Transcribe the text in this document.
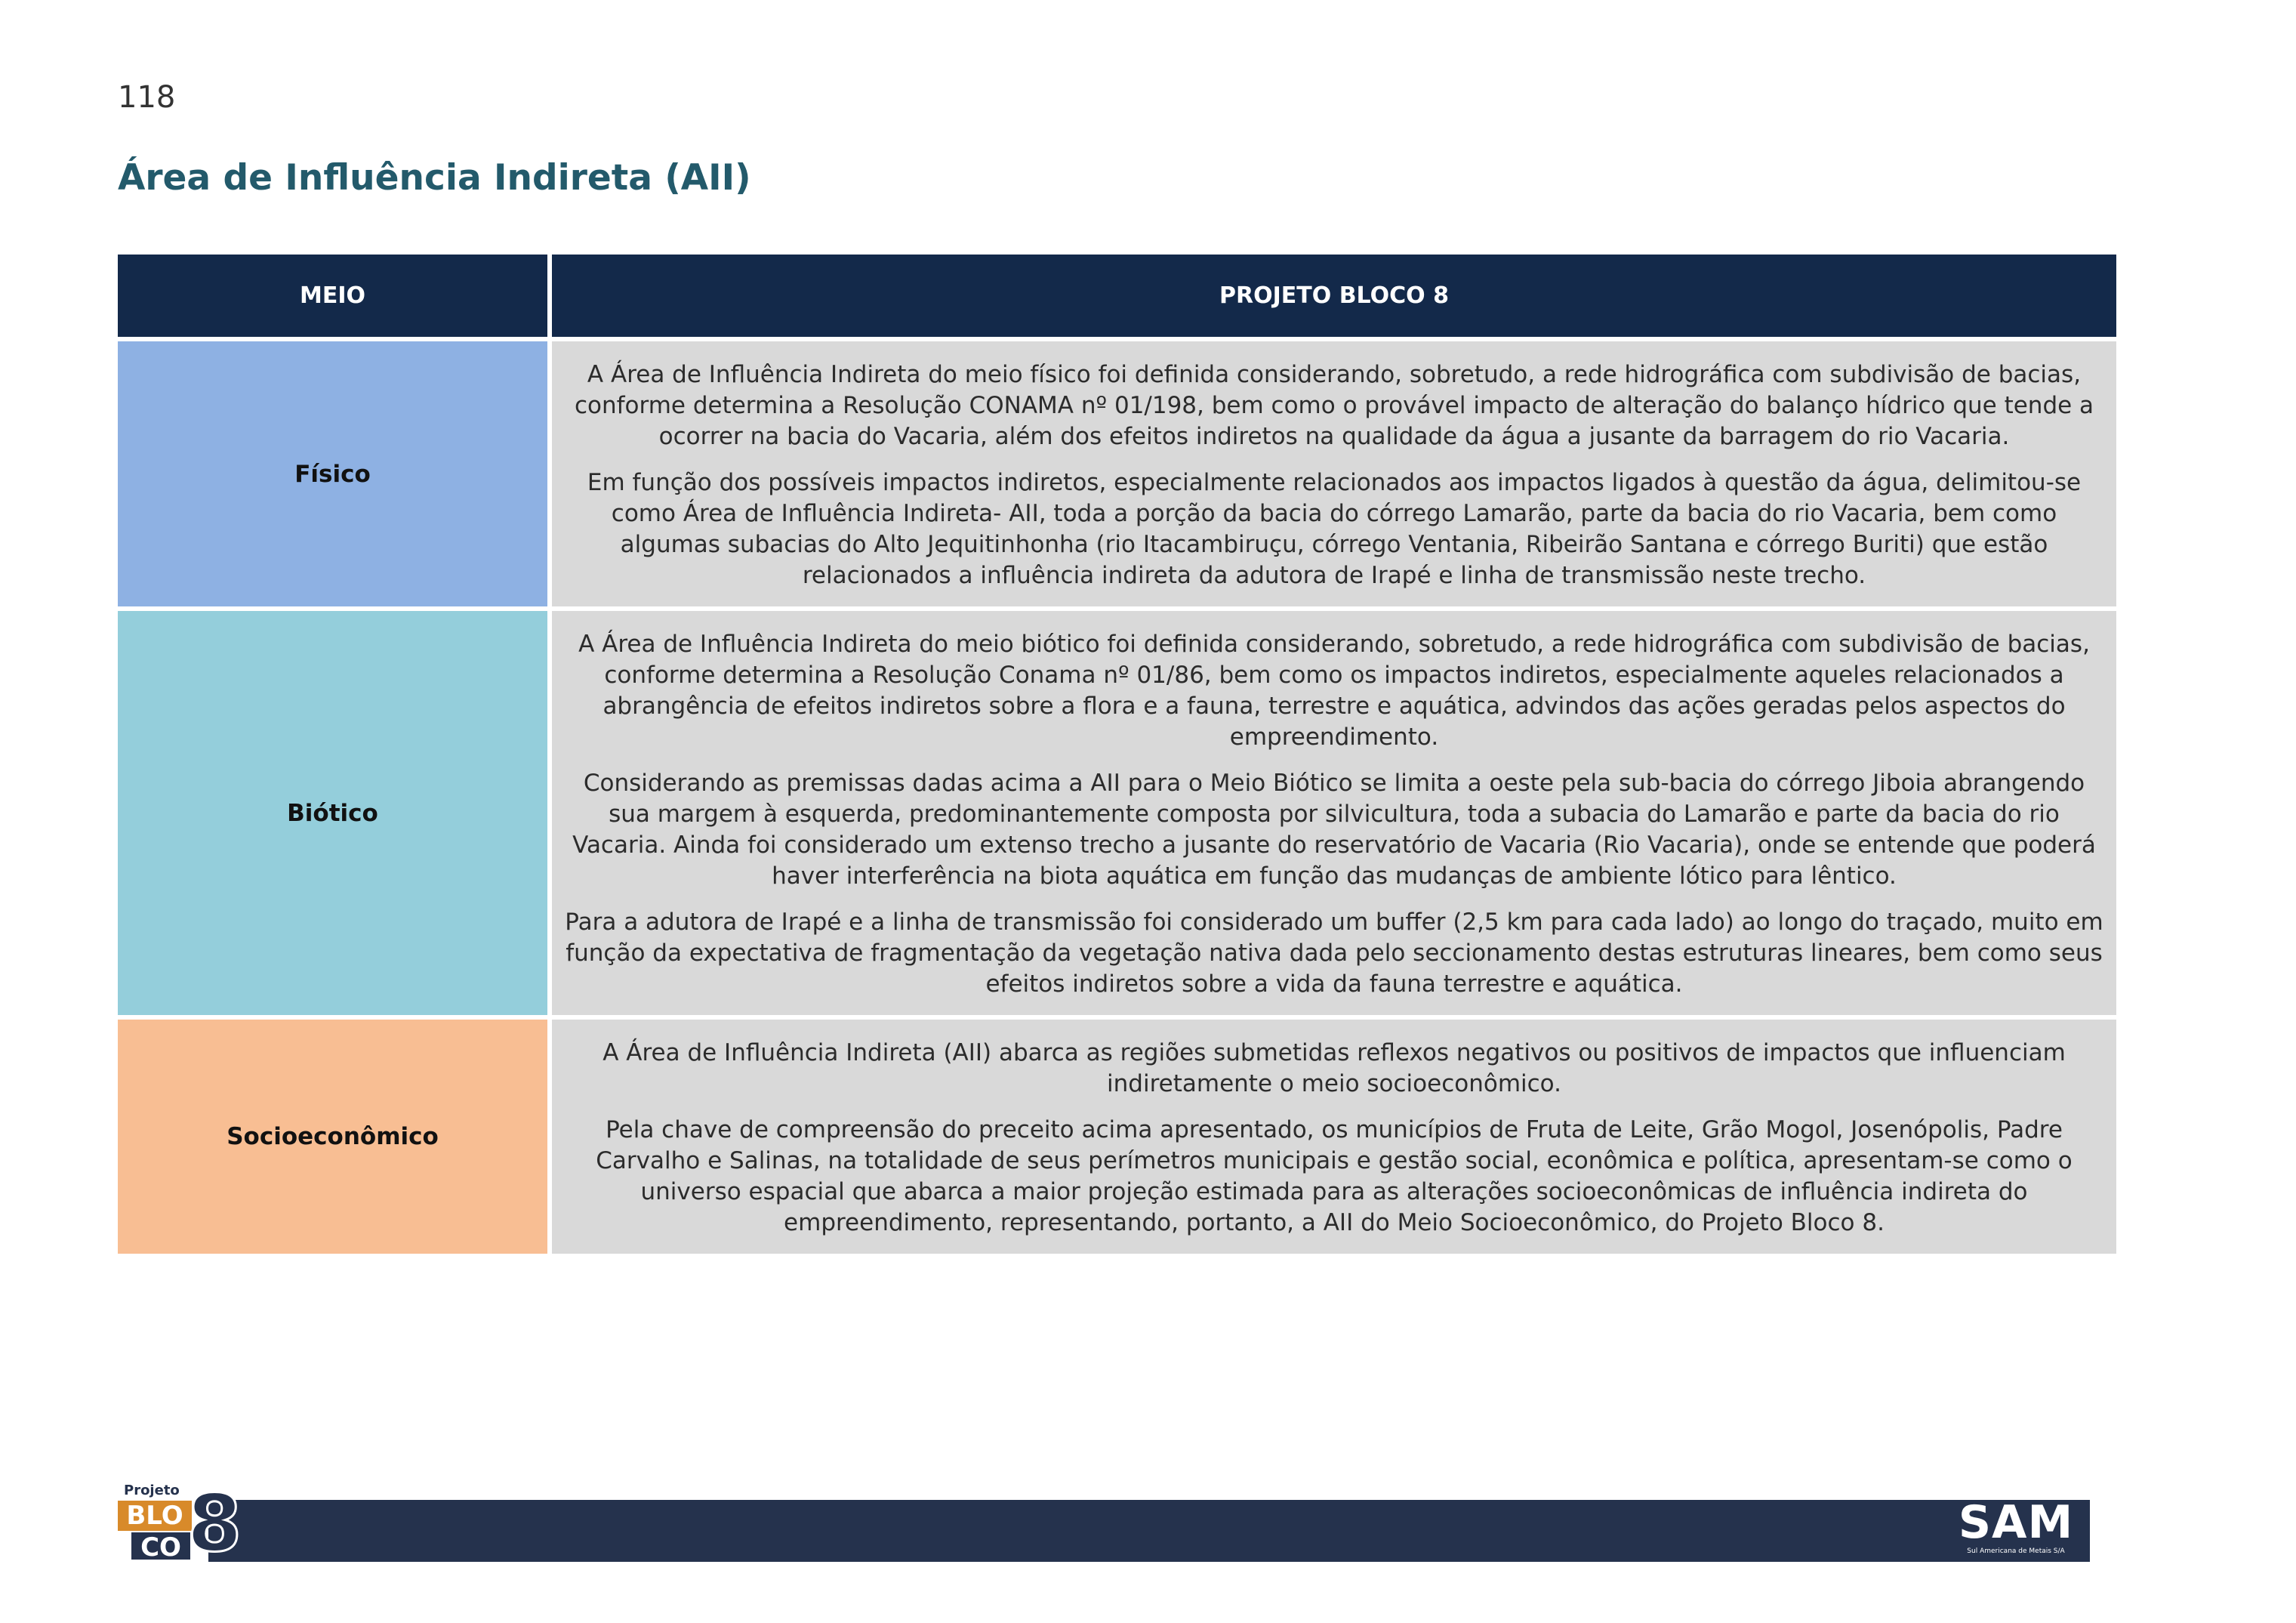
118
Área de Influência Indireta (AII)
MEIO	PROJETO BLOCO 8
Físico

A Área de Influência Indireta do meio físico foi definida considerando, sobretudo, a rede hidrográfica com subdivisão de bacias, conforme determina a Resolução CONAMA nº 01/198, bem como o provável impacto de alteração do balanço hídrico que tende a ocorrer na bacia do Vacaria, além dos efeitos indiretos na qualidade da água a jusante da barragem do rio Vacaria.

Em função dos possíveis impactos indiretos, especialmente relacionados aos impactos ligados à questão da água, delimitou-se como Área de Influência Indireta- AII, toda a porção da bacia do córrego Lamarão, parte da bacia do rio Vacaria, bem como algumas subacias do Alto Jequitinhonha (rio Itacambiruçu, córrego Ventania, Ribeirão Santana e córrego Buriti) que estão relacionados a influência indireta da adutora de Irapé e linha de transmissão neste trecho.

Biótico

A Área de Influência Indireta do meio biótico foi definida considerando, sobretudo, a rede hidrográfica com subdivisão de bacias, conforme determina a Resolução Conama nº 01/86, bem como os impactos indiretos, especialmente aqueles relacionados a abrangência de efeitos indiretos sobre a flora e a fauna, terrestre e aquática, advindos das ações geradas pelos aspectos do empreendimento.

Considerando as premissas dadas acima a AII para o Meio Biótico se limita a oeste pela sub-bacia do córrego Jiboia abrangendo sua margem à esquerda, predominantemente composta por silvicultura, toda a subacia do Lamarão e parte da bacia do rio Vacaria. Ainda foi considerado um extenso trecho a jusante do reservatório de Vacaria (Rio Vacaria), onde se entende que poderá haver interferência na biota aquática em função das mudanças de ambiente lótico para lêntico.

Para a adutora de Irapé e a linha de transmissão foi considerado um buffer (2,5 km para cada lado) ao longo do traçado, muito em função da expectativa de fragmentação da vegetação nativa dada pelo seccionamento destas estruturas lineares, bem como seus efeitos indiretos sobre a vida da fauna terrestre e aquática.

Socioeconômico

A Área de Influência Indireta (AII) abarca as regiões submetidas reflexos negativos ou positivos de impactos que influenciam indiretamente o meio socioeconômico.

Pela chave de compreensão do preceito acima apresentado, os municípios de Fruta de Leite, Grão Mogol, Josenópolis, Padre Carvalho e Salinas, na totalidade de seus perímetros municipais e gestão social, econômica e política, apresentam-se como o universo espacial que abarca a maior projeção estimada para as alterações socioeconômicas de influência indireta do empreendimento, representando, portanto, a AII do Meio Socioeconômico, do Projeto Bloco 8.

Projeto
BLO
CO 8	SAM
Sul Americana de Metais S/A
